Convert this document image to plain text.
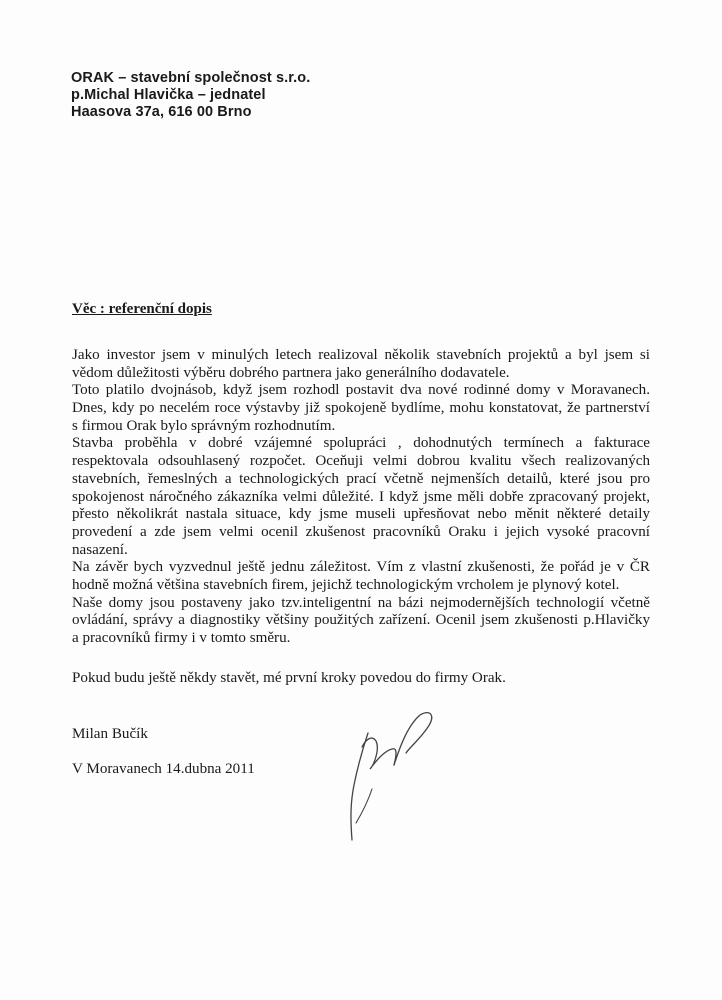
ORAK – stavební společnost s.r.o.
p.Michal Hlavička – jednatel
Haasova 37a, 616 00 Brno
Věc : referenční dopis
Jako investor jsem v minulých letech realizoval několik stavebních projektů a byl jsem si
vědom důležitosti výběru dobrého partnera jako generálního dodavatele.
Toto platilo dvojnásob, když jsem rozhodl postavit dva nové rodinné domy v Moravanech.
Dnes, kdy po necelém roce výstavby již spokojeně bydlíme, mohu konstatovat, že partnerství
s firmou Orak bylo správným rozhodnutím.
Stavba proběhla v dobré vzájemné spolupráci , dohodnutých termínech a fakturace
respektovala odsouhlasený rozpočet. Oceňuji velmi dobrou kvalitu všech realizovaných
stavebních, řemeslných a technologických prací včetně nejmenších detailů, které jsou pro
spokojenost náročného zákazníka velmi důležité. I když jsme měli dobře zpracovaný projekt,
přesto několikrát nastala situace, kdy jsme museli upřesňovat nebo měnit některé detaily
provedení a zde jsem velmi ocenil zkušenost pracovníků Oraku i jejich vysoké pracovní
nasazení.
Na závěr bych vyzvednul ještě jednu záležitost. Vím z vlastní zkušenosti, že pořád je v ČR
hodně možná většina stavebních firem, jejichž technologickým vrcholem je plynový kotel.
Naše domy jsou postaveny jako tzv.inteligentní na bázi nejmodernějších technologií včetně
ovládání, správy a diagnostiky většiny použitých zařízení. Ocenil jsem zkušenosti p.Hlavičky
a pracovníků firmy i v tomto směru.
Pokud budu ještě někdy stavět, mé první kroky povedou do firmy Orak.
Milan Bučík
V Moravanech 14.dubna 2011
